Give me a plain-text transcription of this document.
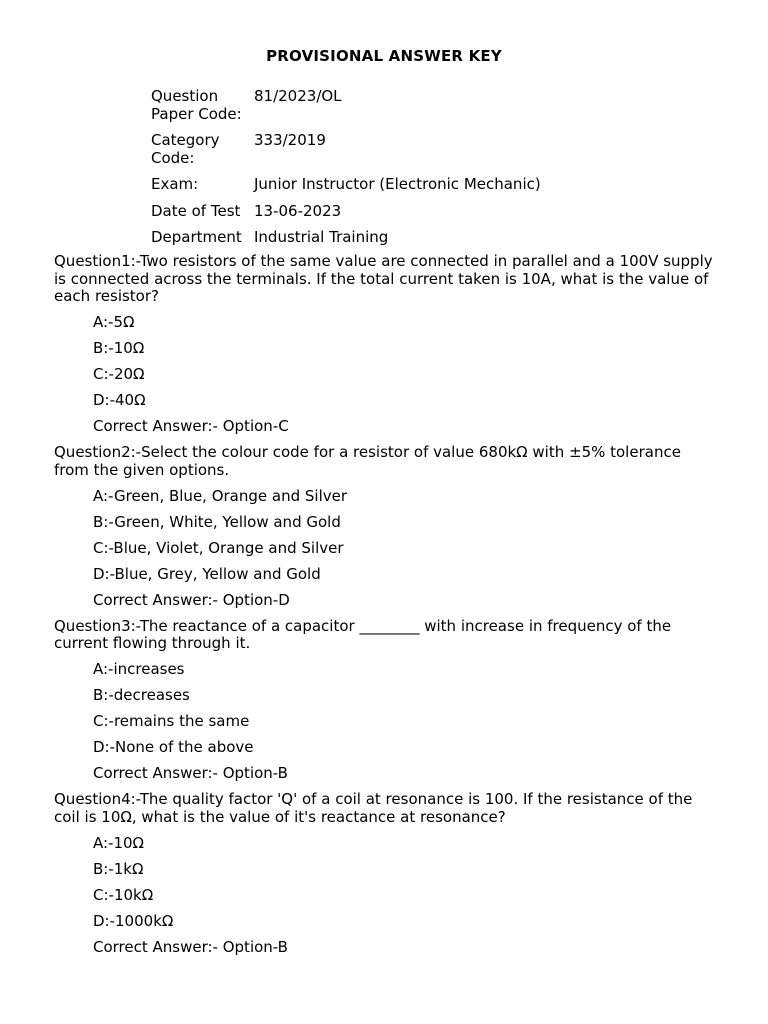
PROVISIONAL ANSWER KEY
Question Paper Code:	81/2023/OL
Category Code:	333/2019
Exam:	Junior Instructor (Electronic Mechanic)
Date of Test	13-06-2023
Department	Industrial Training
Question1:-Two resistors of the same value are connected in parallel and a 100V supply is connected across the terminals. If the total current taken is 10A, what is the value of each resistor?
A:-5Ω
B:-10Ω
C:-20Ω
D:-40Ω
Correct Answer:- Option-C
Question2:-Select the colour code for a resistor of value 680kΩ with ±5% tolerance from the given options.
A:-Green, Blue, Orange and Silver
B:-Green, White, Yellow and Gold
C:-Blue, Violet, Orange and Silver
D:-Blue, Grey, Yellow and Gold
Correct Answer:- Option-D
Question3:-The reactance of a capacitor ________ with increase in frequency of the current flowing through it.
A:-increases
B:-decreases
C:-remains the same
D:-None of the above
Correct Answer:- Option-B
Question4:-The quality factor 'Q' of a coil at resonance is 100. If the resistance of the coil is 10Ω, what is the value of it's reactance at resonance?
A:-10Ω
B:-1kΩ
C:-10kΩ
D:-1000kΩ
Correct Answer:- Option-B
